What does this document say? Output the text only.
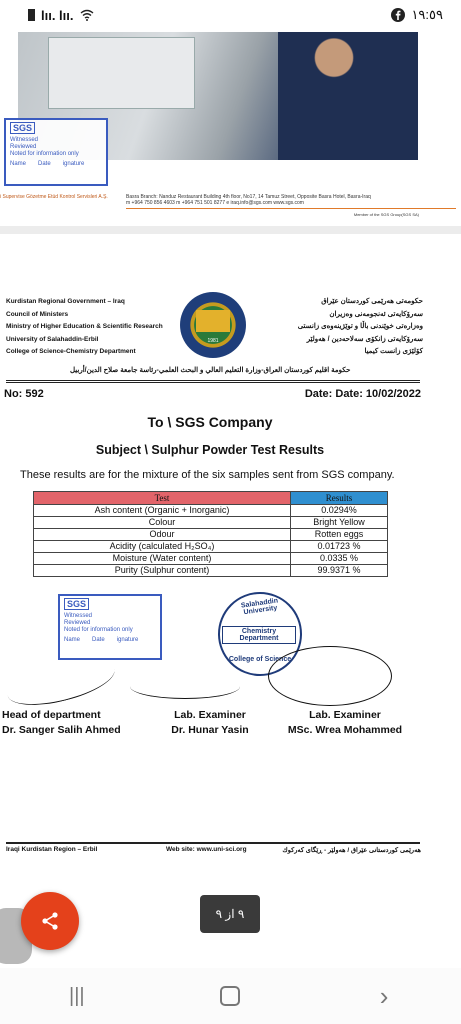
lıı. lıı.	١٩:٥٩
SGS
Witnessed
Reviewed
Noted for information only
Name Date ignature
i Supervise Gözetme Etüd Kontrol Servisleri A.Ş.	Basra Branch: Nanduz Restaurant Building 4th floor, No17, 14 Tamuz Street, Opposite Basra Hotel, Basra-Iraq
m +964 750 856 4603 m +964 751 501 8277 e iraq.info@sgs.com www.sgs.com
Member of the SGS Group(SGS SA)
Kurdistan Regional Government – Iraq
Council of Ministers
Ministry of Higher Education & Scientific Research
University of Salahaddin-Erbil
College of Science-Chemistry Department
1981
حكومەتی هەرێمی كوردستان عێراق
سەرۆكایەتی ئەنجومەنی وەزیران
وەزارەتی خوێندنی باڵا و توێژینەوەی زانستی
سەرۆكایەتی زانكۆی سەلاحەدین / هەولێر
كۆلێژی زانست كیمیا
حكومة اقليم كوردستان العراق-وزارة التعليم العالي و البحث العلمي-رئاسة جامعة صلاح الدين/أربيل
No: 592	Date: Date: 10/02/2022
To \ SGS Company
Subject \ Sulphur Powder Test Results
These results are for the mixture of the six samples sent from SGS company.
Test	Results
Ash content (Organic + Inorganic)	0.0294%
Colour	Bright Yellow
Odour	Rotten eggs
Acidity (calculated H₂SO₄)	0.01723 %
Moisture (Water content)	0.0335 %
Purity (Sulphur content)	99.9371 %
SGS
Witnessed
Reviewed
Noted for information only
Name Date ignature
Salahaddin University
Chemistry Department
College of Science
Head of department
Dr. Sanger Salih Ahmed
Lab. Examiner
Dr. Hunar Yasin
Lab. Examiner
MSc. Wrea Mohammed
Iraqi Kurdistan Region – Erbil	Web site: www.uni-sci.org	هەرێمی كوردستانی عێراق / هەولێر - ڕێگای كەركوك
٩ از ٩
|||	›
